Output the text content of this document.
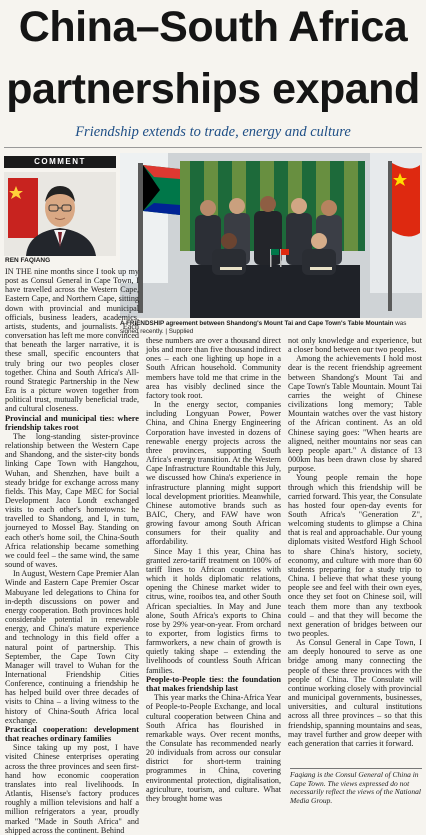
China–South Africa
partnerships expand
Friendship extends to trade, energy and culture
COMMENT
REN FAQIANG
A FRIENDSHIP agreement between Shandong's Mount Tai and Cape Town's Table Mountain was signed recently. | Supplied

IN THE nine months since I took up my post as Consul General in Cape Town, I have travelled across the Western Cape, Eastern Cape, and Northern Cape, sitting down with provincial and municipal officials, business leaders, academics, artists, students, and journalists. Each conversation has left me more convinced that beneath the larger narrative, it is these small, specific encounters that truly bring our two peoples closer together. China and South Africa's All-round Strategic Partnership in the New Era is a picture woven together from political trust, mutually beneficial trade, and cultural closeness.

Provincial and municipal ties: where friendship takes root

The long-standing sister-province relationship between the Western Cape and Shandong, and the sister-city bonds linking Cape Town with Hangzhou, Wuhan, and Shenzhen, have built a steady bridge for exchange across many fields. This May, Cape MEC for Social Development Jaco Londt exchanged visits to each other's hometowns: he travelled to Shandong, and I, in turn, journeyed to Mossel Bay. Standing on each other's home soil, the China-South Africa relationship became something we could feel – the same wind, the same sound of waves.

In August, Western Cape Premier Alan Winde and Eastern Cape Premier Oscar Mabuyane led delegations to China for in-depth discussions on power and energy cooperation. Both provinces hold considerable potential in renewable energy, and China's mature experience and technology in this field offer a natural point of partnership. This September, the Cape Town City Manager will travel to Wuhan for the International Friendship Cities Conference, continuing a friendship he has helped build over three decades of visits to China – a living witness to the history of China-South Africa local exchange.

Practical cooperation: development that reaches ordinary families

Since taking up my post, I have visited Chinese enterprises operating across the three provinces and seen first-hand how economic cooperation translates into real livelihoods. In Atlantis, Hisense's factory produces roughly a million televisions and half a million refrigerators a year, proudly marked "Made in South Africa" and shipped across the continent. Behind

these numbers are over a thousand direct jobs and more than five thousand indirect ones – each one lighting up hope in a South African household. Community members have told me that crime in the area has visibly declined since the factory took root.

In the energy sector, companies including Longyuan Power, Power China, and China Energy Engineering Corporation have invested in dozens of renewable energy projects across the three provinces, supporting South Africa's energy transition. At the Western Cape Infrastructure Roundtable this July, we discussed how China's experience in infrastructure planning might support local development priorities. Meanwhile, Chinese automotive brands such as BAIC, Chery, and FAW have won growing favour among South African consumers for their quality and affordability.

Since May 1 this year, China has granted zero-tariff treatment on 100% of tariff lines to African countries with which it holds diplomatic relations, opening the Chinese market wider to citrus, wine, rooibos tea, and other South African specialties. In May and June alone, South Africa's exports to China rose by 29% year-on-year. From orchard to exporter, from logistics firms to farmworkers, a new chain of growth is quietly taking shape – extending the livelihoods of countless South African families.

People-to-People ties: the foundation that makes friendship last

This year marks the China-Africa Year of People-to-People Exchange, and local cultural cooperation between China and South Africa has flourished in remarkable ways. Over recent months, the Consulate has recommended nearly 20 individuals from across our consular district for short-term training programmes in China, covering environmental protection, digitalisation, agriculture, tourism, and culture. What they brought home was

not only knowledge and experience, but a closer bond between our two peoples.

Among the achievements I hold most dear is the recent friendship agreement between Shandong's Mount Tai and Cape Town's Table Mountain. Mount Tai carries the weight of Chinese civilizations long memory; Table Mountain watches over the vast history of the African continent. As an old Chinese saying goes: "When hearts are aligned, neither mountains nor seas can keep people apart." A distance of 13 000km has been drawn close by shared purpose.

Young people remain the hope through which this friendship will be carried forward. This year, the Consulate has hosted four open-day events for South Africa's "Generation Z", welcoming students to glimpse a China that is real and approachable. Our young diplomats visited Westford High School to share China's history, society, economy, and culture with more than 60 students preparing for a study trip to China. I believe that what these young people see and feel with their own eyes, once they set foot on Chinese soil, will teach them more than any textbook could – and that they will become the next generation of bridges between our two peoples.

As Consul General in Cape Town, I am deeply honoured to serve as one bridge among many connecting the people of these three provinces with the people of China. The Consulate will continue working closely with provincial and municipal governments, businesses, universities, and cultural institutions across all three provinces – so that this friendship, spanning mountains and seas, may travel further and grow deeper with each generation that carries it forward.

Faqiang is the Consul General of China in Cape Town. The views expressed do not necessarily reflect the views of the National Media Group.
